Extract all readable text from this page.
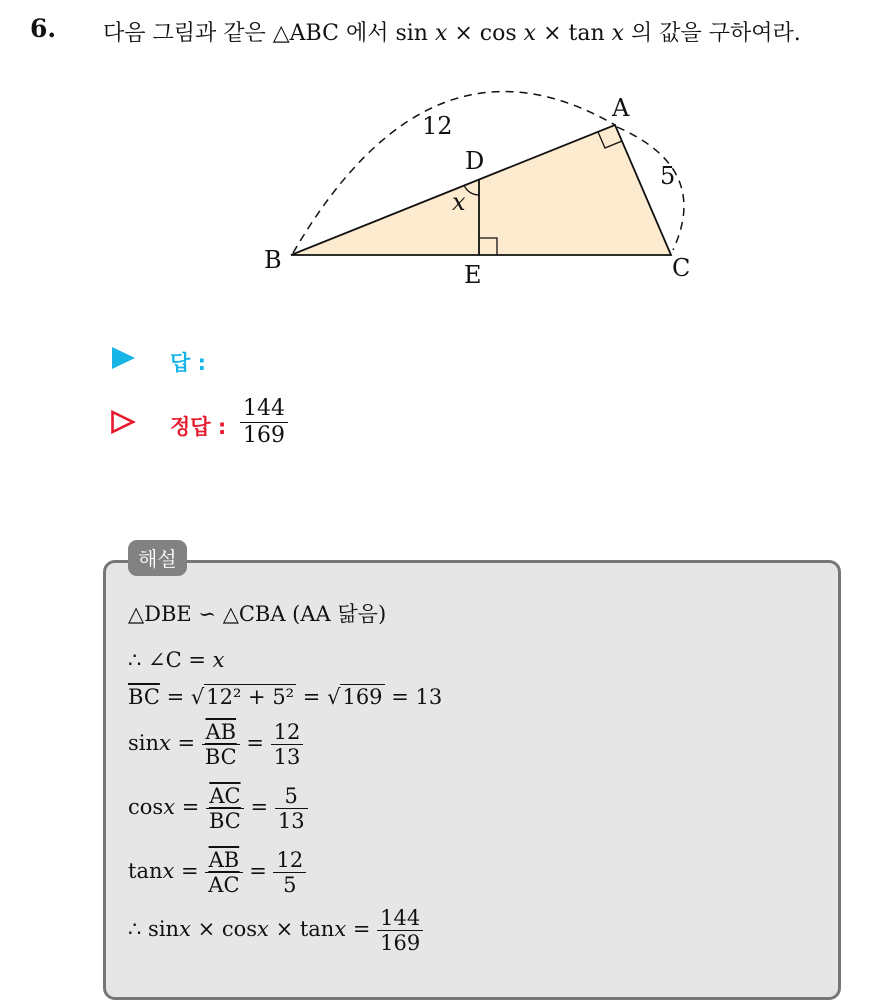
6. 다음 그림과 같은 △ABC 에서 sin x × cos x × tan x 의 값을 구하여라.
A
B	C
D
E
12
5
x
답 :
정답 : $\frac{144}{169}$
해설
△DBE ∽ △CBA (AA 닮음)
∴ ∠C = x
$\overline{BC} = √12^2 + 5^2 = √169 = 13$
$\sin x = \frac{\overline{AB}}{BC} = \frac{12}{13}$
$\cos x = \frac{\overline{AC}}{BC} = \frac{5}{13}$
$\tan x = \frac{\overline{AB}}{AC} = \frac{12}{5}$
∴ $\sin x \times \cos x \times \tan x = \frac{144}{169}$
